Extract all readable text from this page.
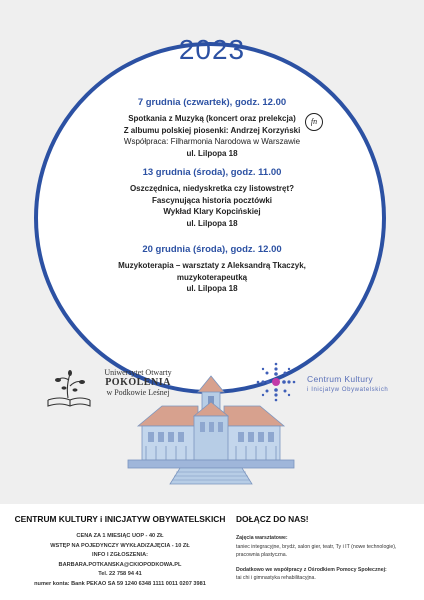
2023
7 grudnia (czwartek), godz. 12.00
Spotkania z Muzyką (koncert oraz prelekcja)
Z albumu polskiej piosenki: Andrzej Korzyński
Współpraca: Filharmonia Narodowa w Warszawie
ul. Lilpopa 18
fn
13 grudnia (środa), godz. 11.00
Oszczędnica, niedyskretka czy listowstręt?
Fascynująca historia pocztówki
Wykład Klary Kopcińskiej
ul. Lilpopa 18
20 grudnia (środa), godz. 12.00
Muzykoterapia – warsztaty z Aleksandrą Tkaczyk,
muzykoterapeutką
ul. Lilpopa 18
Uniwersytet Otwarty
POKOLENIA
w Podkowie Leśnej
Centrum Kultury
i Inicjatyw Obywatelskich
CENTRUM KULTURY i INICJATYW OBYWATELSKICH
CENA ZA 1 MIESIĄC UOP - 40 ZŁ
WSTĘP NA POJEDYNCZY WYKŁAD/ZAJĘCIA - 10 ZŁ
INFO I ZGŁOSZENIA:
BARBARA.POTKANSKA@CKIOPODKOWA.PL
Tel. 22 758 94 41
numer konta: Bank PEKAO SA 59 1240 6348 1111 0011 0207 3981
DOŁĄCZ DO NAS!
Zajęcia warsztatowe:
taniec integracyjne, brydż, salon gier, teatr, Ty i IT (nowe technologie),
pracownia plastyczna.
Dodatkowo we współpracy z Ośrodkiem Pomocy Społecznej:
tai chi i gimnastyka rehabilitacyjna.
